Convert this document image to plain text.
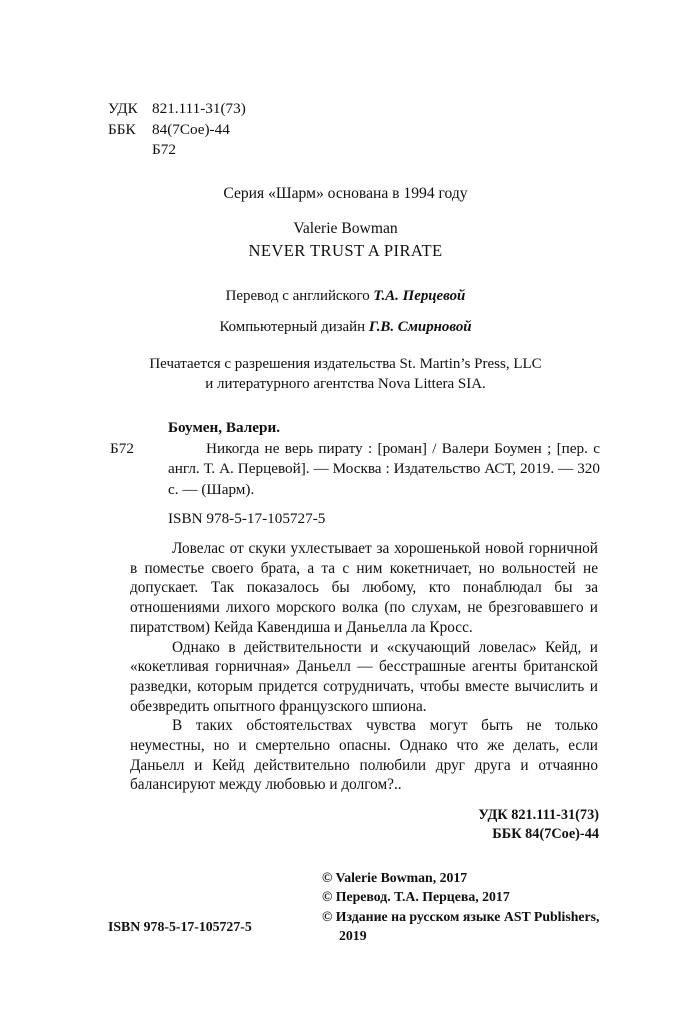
УДК 821.111-31(73)
ББК 84(7Сое)-44
Б72
Серия «Шарм» основана в 1994 году
Valerie Bowman
NEVER TRUST A PIRATE
Перевод с английского Т.А. Перцевой
Компьютерный дизайн Г.В. Смирновой
Печатается с разрешения издательства St. Martin’s Press, LLC
и литературного агентства Nova Littera SIA.
Боумен, Валери.
Б72	Никогда не верь пирату : [роман] / Валери Боумен ; [пер. с англ. Т. А. Перцевой]. — Москва : Издательство АСТ, 2019. — 320 с. — (Шарм).
ISBN 978-5-17-105727-5

Ловелас от скуки ухлестывает за хорошенькой новой горничной в поместье своего брата, а та с ним кокетничает, но вольностей не допускает. Так показалось бы любому, кто понаблюдал бы за отношениями лихого морского волка (по слухам, не брезговавшего и пиратством) Кейда Кавендиша и Даньелла ла Кросс.

Однако в действительности и «скучающий ловелас» Кейд, и «кокетливая горничная» Даньелл — бесстрашные агенты британской разведки, которым придется сотрудничать, чтобы вместе вычислить и обезвредить опытного французского шпиона.

В таких обстоятельствах чувства могут быть не только неуместны, но и смертельно опасны. Однако что же делать, если Даньелл и Кейд действительно полюбили друг друга и отчаянно балансируют между любовью и долгом?..

УДК 821.111-31(73)
ББК 84(7Сое)-44
© Valerie Bowman, 2017
© Перевод. Т.А. Перцева, 2017
© Издание на русском языке AST Publishers, 2019
ISBN 978-5-17-105727-5
